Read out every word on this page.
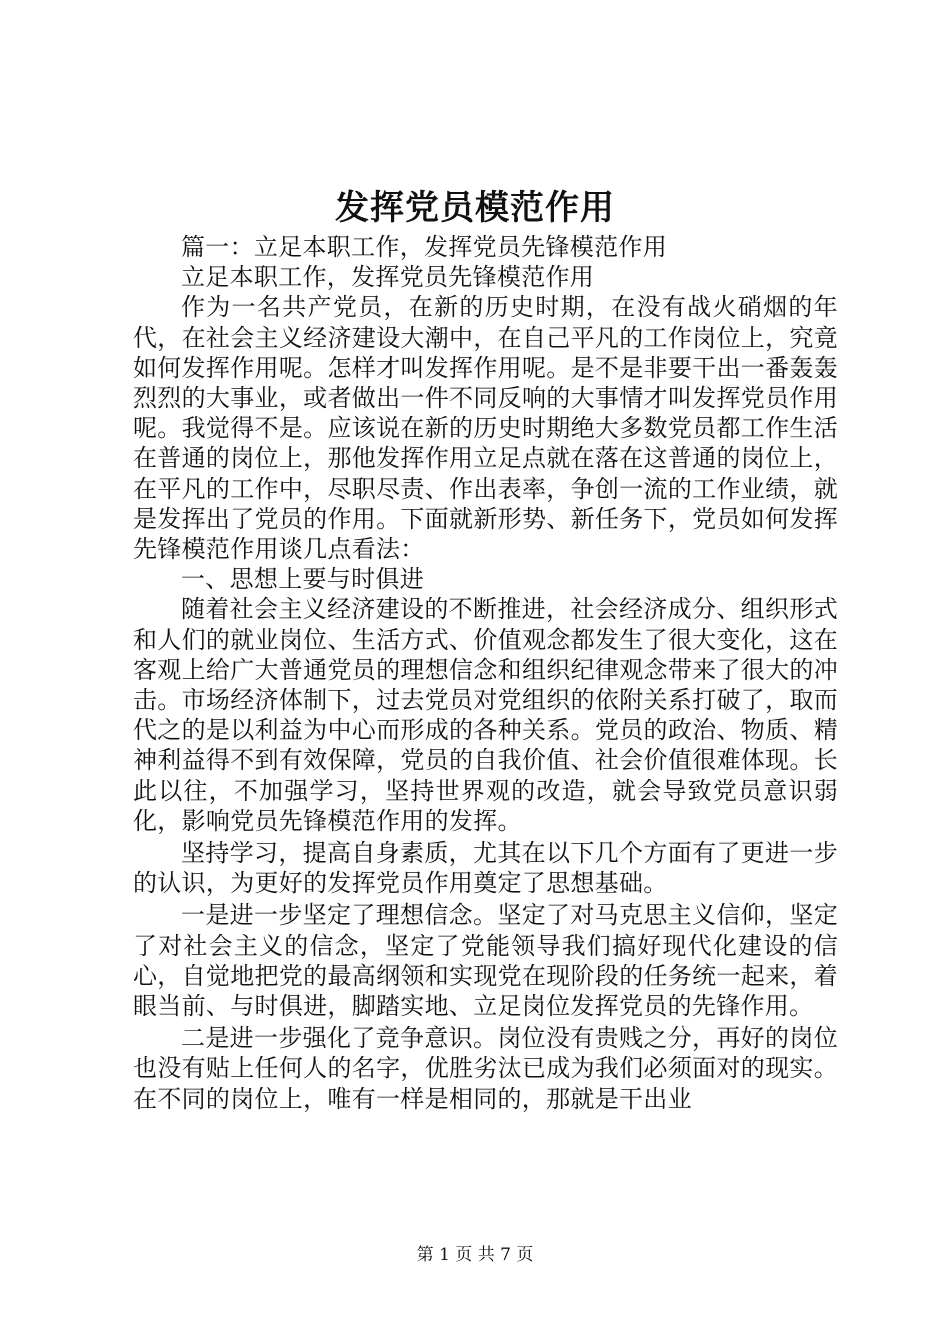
发挥党员模范作用

篇一：立足本职工作，发挥党员先锋模范作用

立足本职工作，发挥党员先锋模范作用

作为一名共产党员，在新的历史时期，在没有战火硝烟的年代，在社会主义经济建设大潮中，在自己平凡的工作岗位上，究竟如何发挥作用呢。怎样才叫发挥作用呢。是不是非要干出一番轰轰烈烈的大事业，或者做出一件不同反响的大事情才叫发挥党员作用呢。我觉得不是。应该说在新的历史时期绝大多数党员都工作生活在普通的岗位上，那他发挥作用立足点就在落在这普通的岗位上，在平凡的工作中，尽职尽责、作出表率，争创一流的工作业绩，就是发挥出了党员的作用。下面就新形势、新任务下，党员如何发挥先锋模范作用谈几点看法：

一、思想上要与时俱进

随着社会主义经济建设的不断推进，社会经济成分、组织形式和人们的就业岗位、生活方式、价值观念都发生了很大变化，这在客观上给广大普通党员的理想信念和组织纪律观念带来了很大的冲击。市场经济体制下，过去党员对党组织的依附关系打破了，取而代之的是以利益为中心而形成的各种关系。党员的政治、物质、精神利益得不到有效保障，党员的自我价值、社会价值很难体现。长此以往，不加强学习，坚持世界观的改造，就会导致党员意识弱化，影响党员先锋模范作用的发挥。

坚持学习，提高自身素质，尤其在以下几个方面有了更进一步的认识，为更好的发挥党员作用奠定了思想基础。

一是进一步坚定了理想信念。坚定了对马克思主义信仰，坚定了对社会主义的信念，坚定了党能领导我们搞好现代化建设的信心，自觉地把党的最高纲领和实现党在现阶段的任务统一起来，着眼当前、与时俱进，脚踏实地、立足岗位发挥党员的先锋作用。

二是进一步强化了竞争意识。岗位没有贵贱之分，再好的岗位也没有贴上任何人的名字，优胜劣汰已成为我们必须面对的现实。在不同的岗位上，唯有一样是相同的，那就是干出业

第 1 页 共 7 页
